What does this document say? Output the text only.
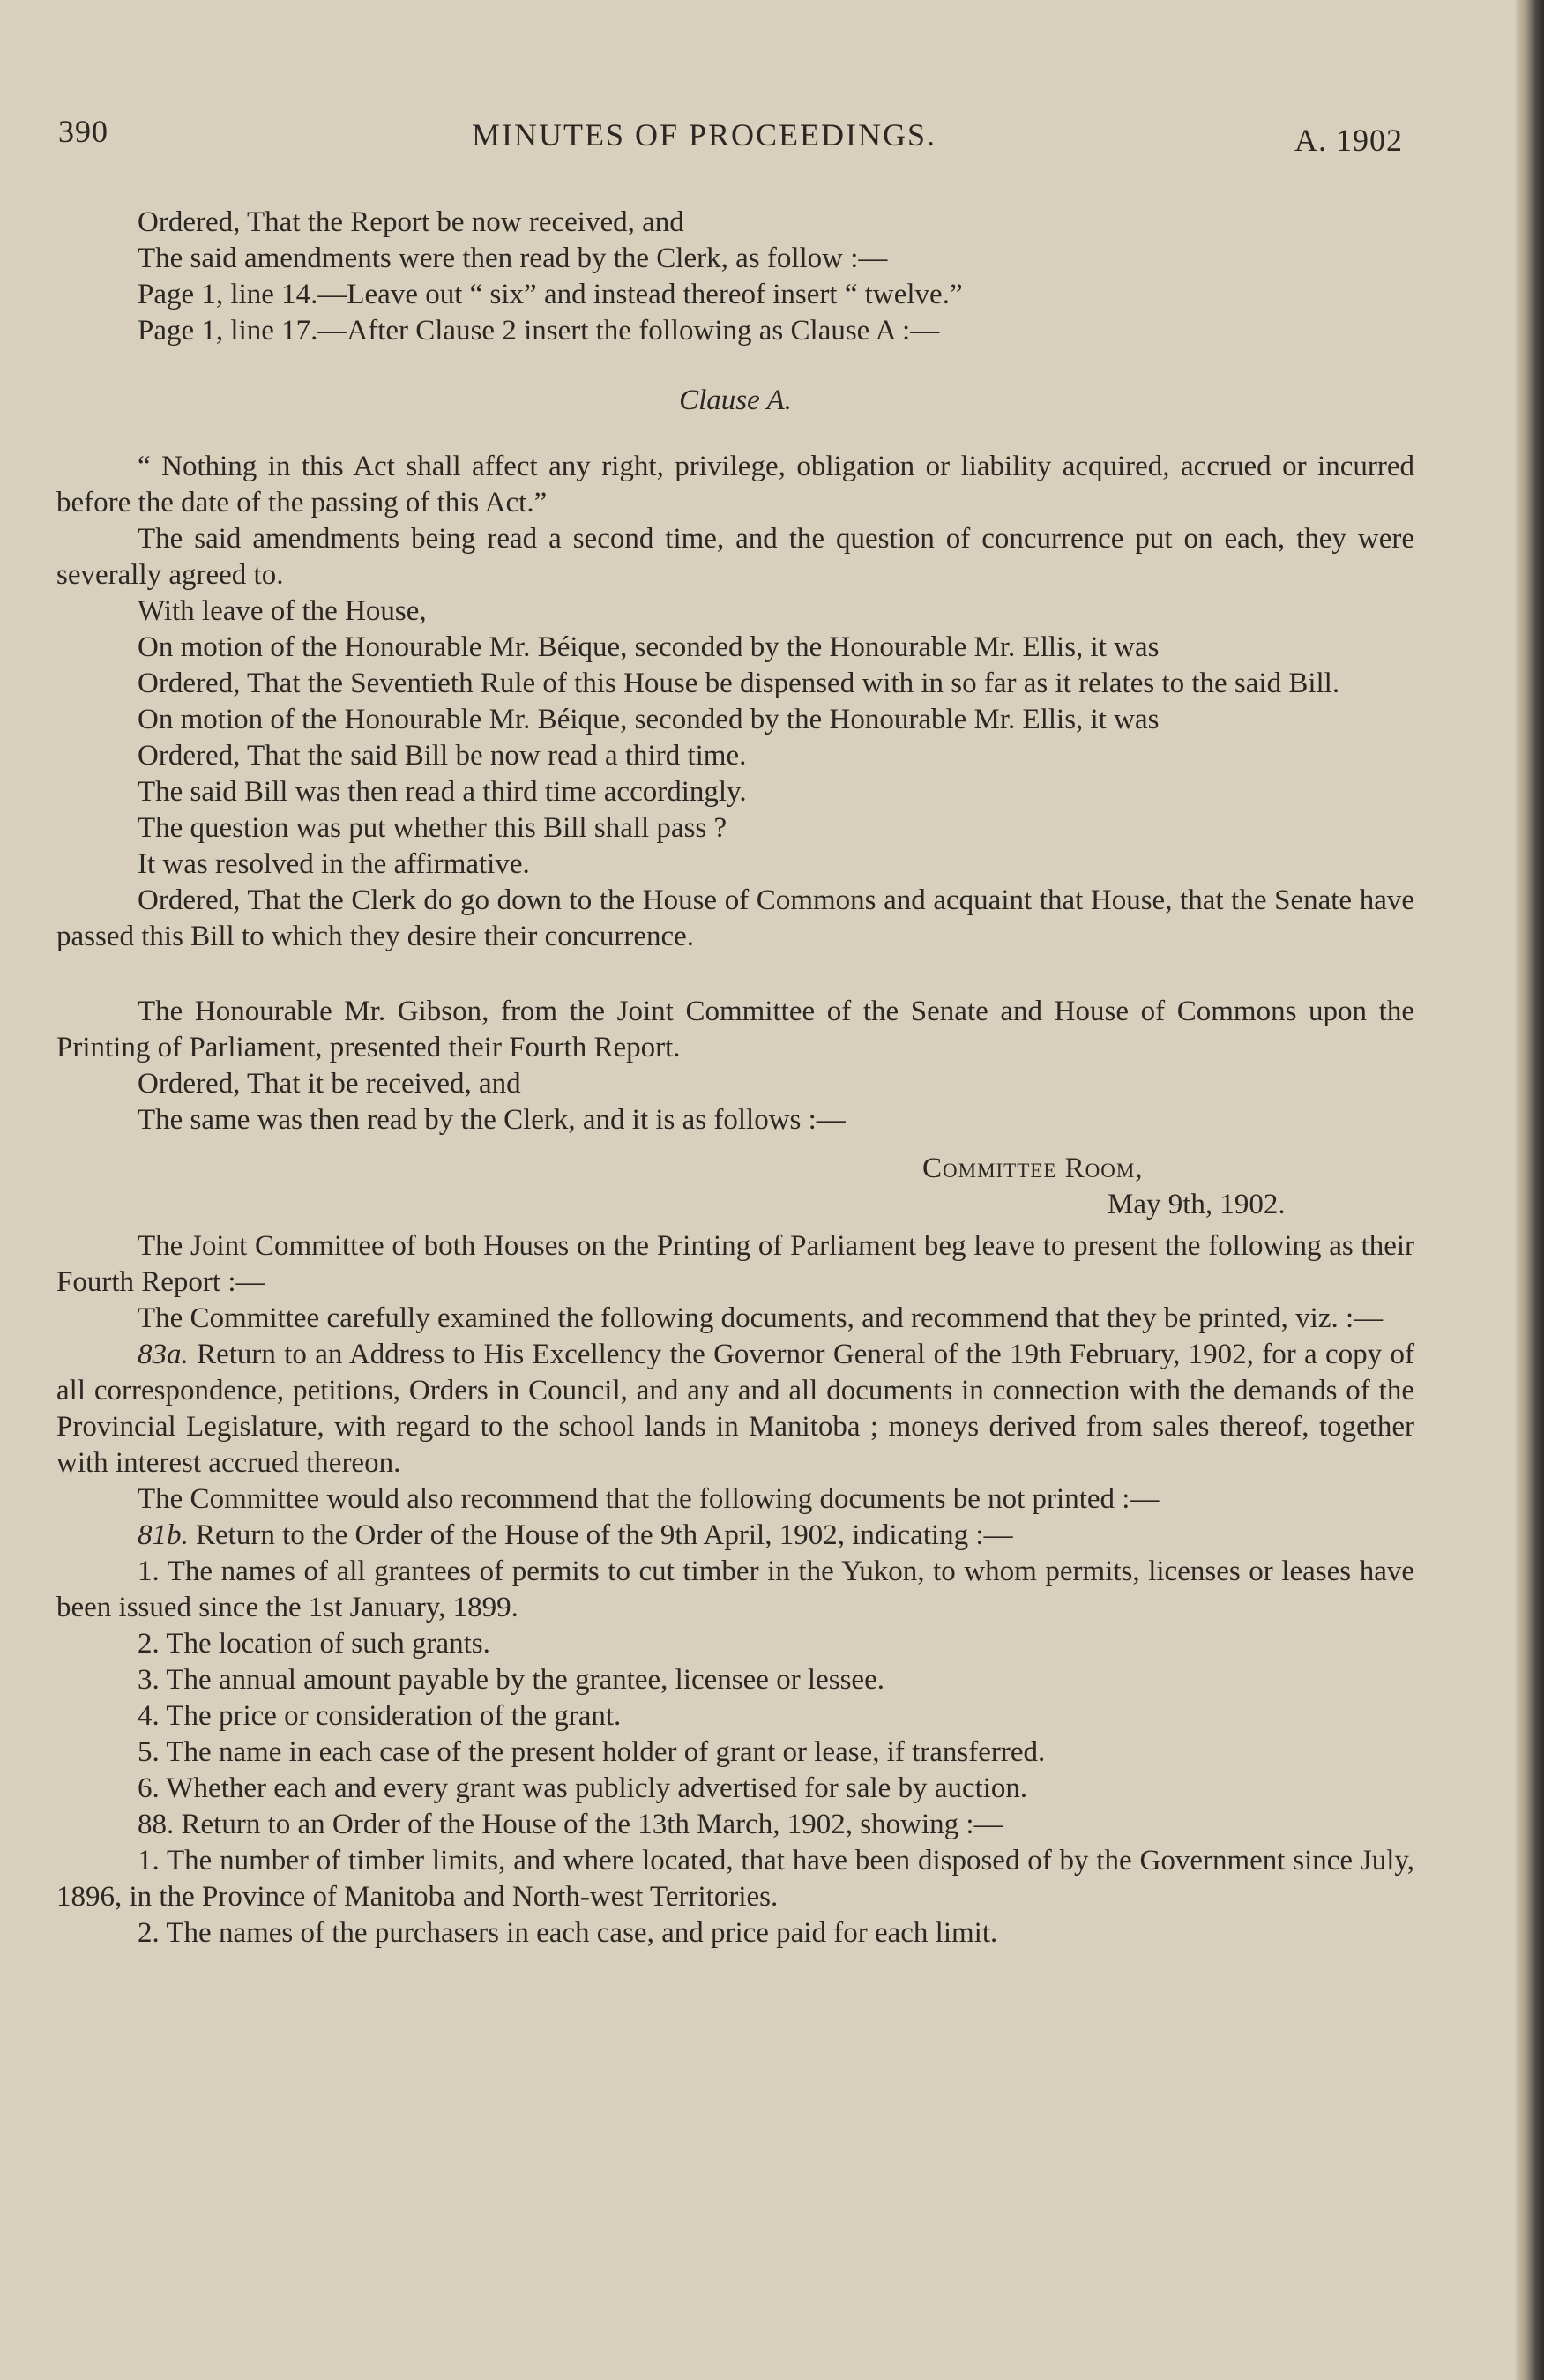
390	MINUTES OF PROCEEDINGS.	A. 1902

Ordered, That the Report be now received, and

The said amendments were then read by the Clerk, as follow :—

Page 1, line 14.—Leave out “ six” and instead thereof insert “ twelve.”

Page 1, line 17.—After Clause 2 insert the following as Clause A :—

Clause A.

“ Nothing in this Act shall affect any right, privilege, obligation or liability acquired, accrued or incurred before the date of the passing of this Act.”

The said amendments being read a second time, and the question of concurrence put on each, they were severally agreed to.

With leave of the House,

On motion of the Honourable Mr. Béique, seconded by the Honourable Mr. Ellis, it was

Ordered, That the Seventieth Rule of this House be dispensed with in so far as it relates to the said Bill.

On motion of the Honourable Mr. Béique, seconded by the Honourable Mr. Ellis, it was

Ordered, That the said Bill be now read a third time.

The said Bill was then read a third time accordingly.

The question was put whether this Bill shall pass ?

It was resolved in the affirmative.

Ordered, That the Clerk do go down to the House of Commons and acquaint that House, that the Senate have passed this Bill to which they desire their concurrence.

The Honourable Mr. Gibson, from the Joint Committee of the Senate and House of Commons upon the Printing of Parliament, presented their Fourth Report.

Ordered, That it be received, and

The same was then read by the Clerk, and it is as follows :—

Committee Room,
May 9th, 1902.

The Joint Committee of both Houses on the Printing of Parliament beg leave to present the following as their Fourth Report :—

The Committee carefully examined the following documents, and recommend that they be printed, viz. :—

83a. Return to an Address to His Excellency the Governor General of the 19th February, 1902, for a copy of all correspondence, petitions, Orders in Council, and any and all documents in connection with the demands of the Provincial Legislature, with regard to the school lands in Manitoba ; moneys derived from sales thereof, together with interest accrued thereon.

The Committee would also recommend that the following documents be not printed :—

81b. Return to the Order of the House of the 9th April, 1902, indicating :—

1. The names of all grantees of permits to cut timber in the Yukon, to whom permits, licenses or leases have been issued since the 1st January, 1899.

2. The location of such grants.

3. The annual amount payable by the grantee, licensee or lessee.

4. The price or consideration of the grant.

5. The name in each case of the present holder of grant or lease, if transferred.

6. Whether each and every grant was publicly advertised for sale by auction.

88. Return to an Order of the House of the 13th March, 1902, showing :—

1. The number of timber limits, and where located, that have been disposed of by the Government since July, 1896, in the Province of Manitoba and North-west Territories.

2. The names of the purchasers in each case, and price paid for each limit.
